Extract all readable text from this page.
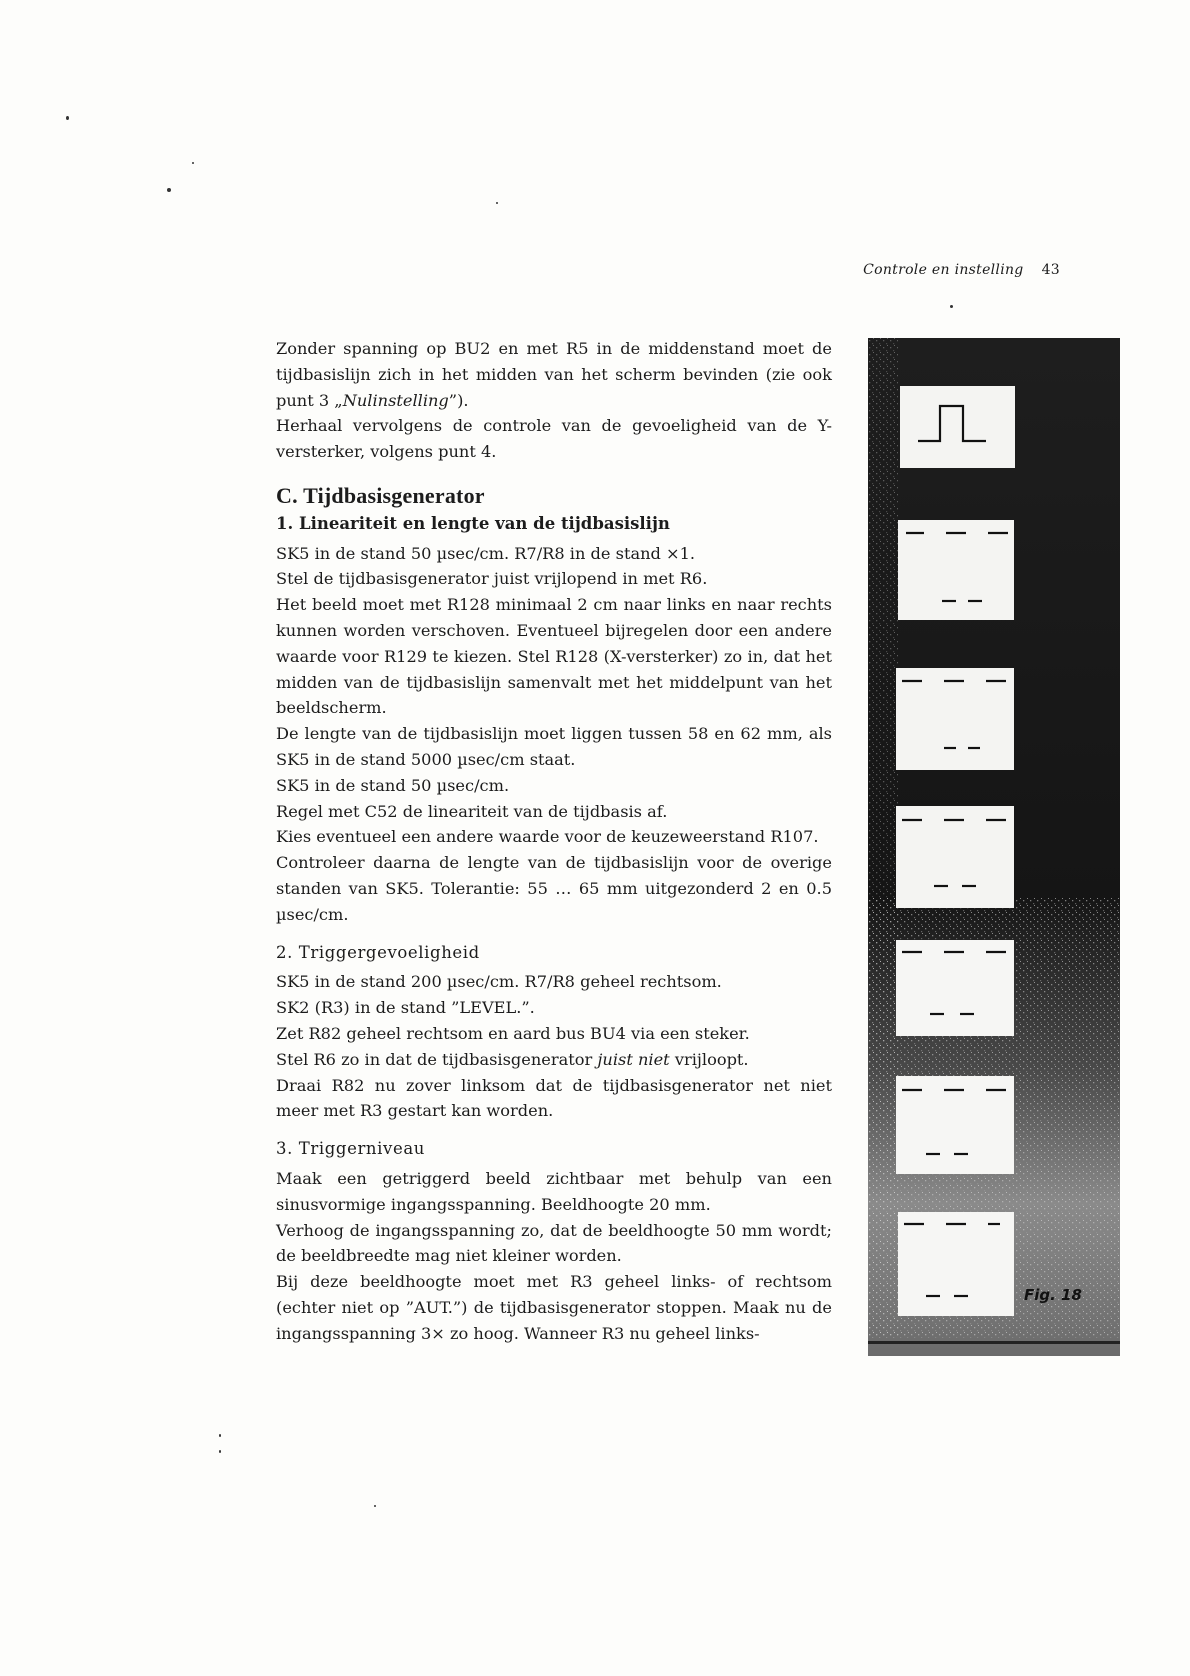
Controle en instelling 43

Zonder spanning op BU2 en met R5 in de middenstand moet de tijdbasislijn zich in het midden van het scherm bevinden (zie ook punt 3 „Nulinstelling”).

Herhaal vervolgens de controle van de gevoeligheid van de Y-versterker, volgens punt 4.

C. Tijdbasisgenerator
1. Lineariteit en lengte van de tijdbasislijn

SK5 in de stand 50 µsec/cm. R7/R8 in de stand ×1.

Stel de tijdbasisgenerator juist vrijlopend in met R6.

Het beeld moet met R128 minimaal 2 cm naar links en naar rechts kunnen worden verschoven. Eventueel bijregelen door een andere waarde voor R129 te kiezen. Stel R128 (X-versterker) zo in, dat het midden van de tijdbasislijn samenvalt met het middelpunt van het beeldscherm.

De lengte van de tijdbasislijn moet liggen tussen 58 en 62 mm, als SK5 in de stand 5000 µsec/cm staat.

SK5 in de stand 50 µsec/cm.

Regel met C52 de lineariteit van de tijdbasis af.

Kies eventueel een andere waarde voor de keuzeweerstand R107.

Controleer daarna de lengte van de tijdbasislijn voor de overige standen van SK5. Tolerantie: 55 … 65 mm uitgezonderd 2 en 0.5 µsec/cm.

2. Triggergevoeligheid

SK5 in de stand 200 µsec/cm. R7/R8 geheel rechtsom.

SK2 (R3) in de stand ”LEVEL.”.

Zet R82 geheel rechtsom en aard bus BU4 via een steker.

Stel R6 zo in dat de tijdbasisgenerator juist niet vrijloopt.

Draai R82 nu zover linksom dat de tijdbasisgenerator net niet meer met R3 gestart kan worden.

3. Triggerniveau

Maak een getriggerd beeld zichtbaar met behulp van een sinusvormige ingangsspanning. Beeldhoogte 20 mm.

Verhoog de ingangsspanning zo, dat de beeldhoogte 50 mm wordt; de beeldbreedte mag niet kleiner worden.

Bij deze beeldhoogte moet met R3 geheel links- of rechtsom (echter niet op ”AUT.”) de tijdbasisgenerator stoppen. Maak nu de ingangsspanning 3× zo hoog. Wanneer R3 nu geheel links-

Fig. 18
